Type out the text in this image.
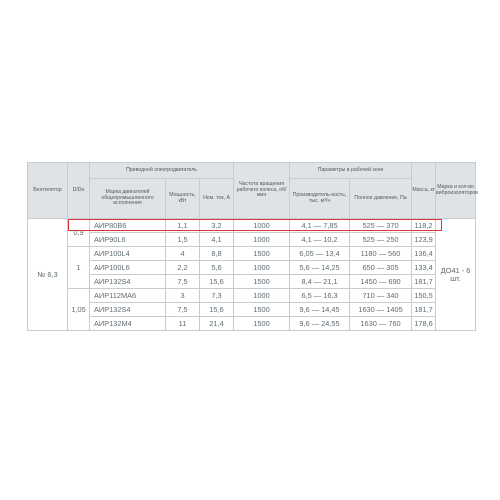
Вентилятор	D/Dн	Приводной электродвигатель			Частота вращения рабочего колеса, об/мин	Параметры в рабочей зоне		Масса, кг	Марка и кол-во виброизоляторов
		Марка двигателей общепромышленного исполнения	Мощность, кВт	Ном. ток, А		Производитель-ность, тыс. м³/ч	Полное давление, Па		
№ 6,3	0,9	АИР80В6	1,1	3,2	1000	4,1 — 7,85	525 — 370	118,2	ДО41 - 6 шт.
		АИР90L6	1,5	4,1	1000	4,1 — 10,2	525 — 250	123,9	
	1	АИР100L4	4	8,8	1500	6,05 — 13,4	1180 — 560	136,4	
		АИР100L6	2,2	5,6	1000	5,6 — 14,25	650 — 305	133,4	
		АИР132S4	7,5	15,6	1500	8,4 — 21,1	1450 — 690	181,7	
	1,05	АИР112МА6	3	7,3	1000	6,5 — 16,3	710 — 340	150,5	
		АИР132S4	7,5	15,6	1500	9,6 — 14,45	1630 — 1405	181,7	
		АИР132М4	11	21,4	1500	9,6 — 24,55	1630 — 760	178,6	
